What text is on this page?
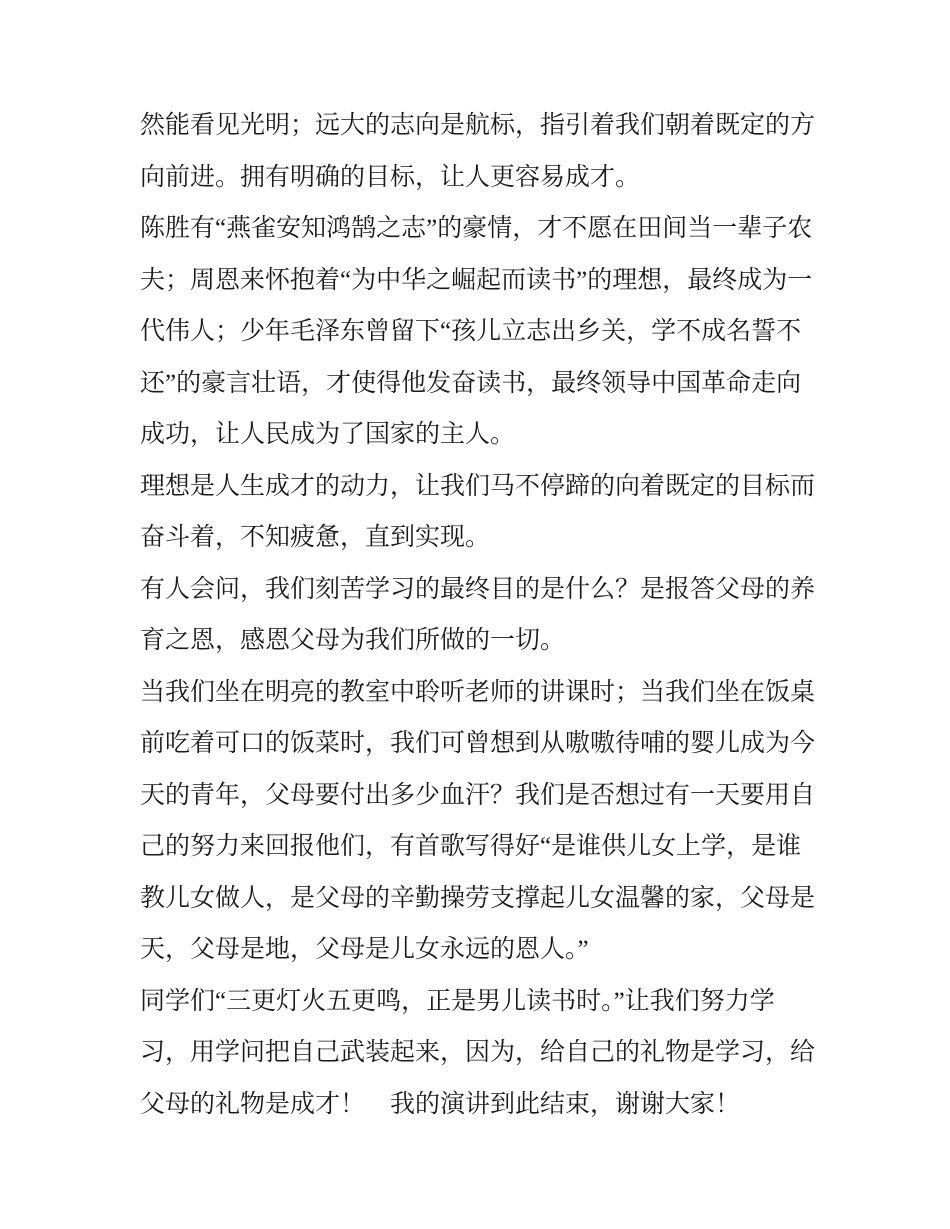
然能看见光明；远大的志向是航标，指引着我们朝着既定的方
向前进。拥有明确的目标，让人更容易成才。
陈胜有“燕雀安知鸿鹄之志”的豪情，才不愿在田间当一辈子农
夫；周恩来怀抱着“为中华之崛起而读书”的理想，最终成为一
代伟人；少年毛泽东曾留下“孩儿立志出乡关，学不成名誓不
还”的豪言壮语，才使得他发奋读书，最终领导中国革命走向
成功，让人民成为了国家的主人。
理想是人生成才的动力，让我们马不停蹄的向着既定的目标而
奋斗着，不知疲惫，直到实现。
有人会问，我们刻苦学习的最终目的是什么？是报答父母的养
育之恩，感恩父母为我们所做的一切。
当我们坐在明亮的教室中聆听老师的讲课时；当我们坐在饭桌
前吃着可口的饭菜时，我们可曾想到从嗷嗷待哺的婴儿成为今
天的青年，父母要付出多少血汗？我们是否想过有一天要用自
己的努力来回报他们，有首歌写得好“是谁供儿女上学，是谁
教儿女做人，是父母的辛勤操劳支撑起儿女温馨的家，父母是
天，父母是地，父母是儿女永远的恩人。”
同学们“三更灯火五更鸣，正是男儿读书时。”让我们努力学
习，用学问把自己武装起来，因为，给自己的礼物是学习，给
父母的礼物是成才！　我的演讲到此结束，谢谢大家！
